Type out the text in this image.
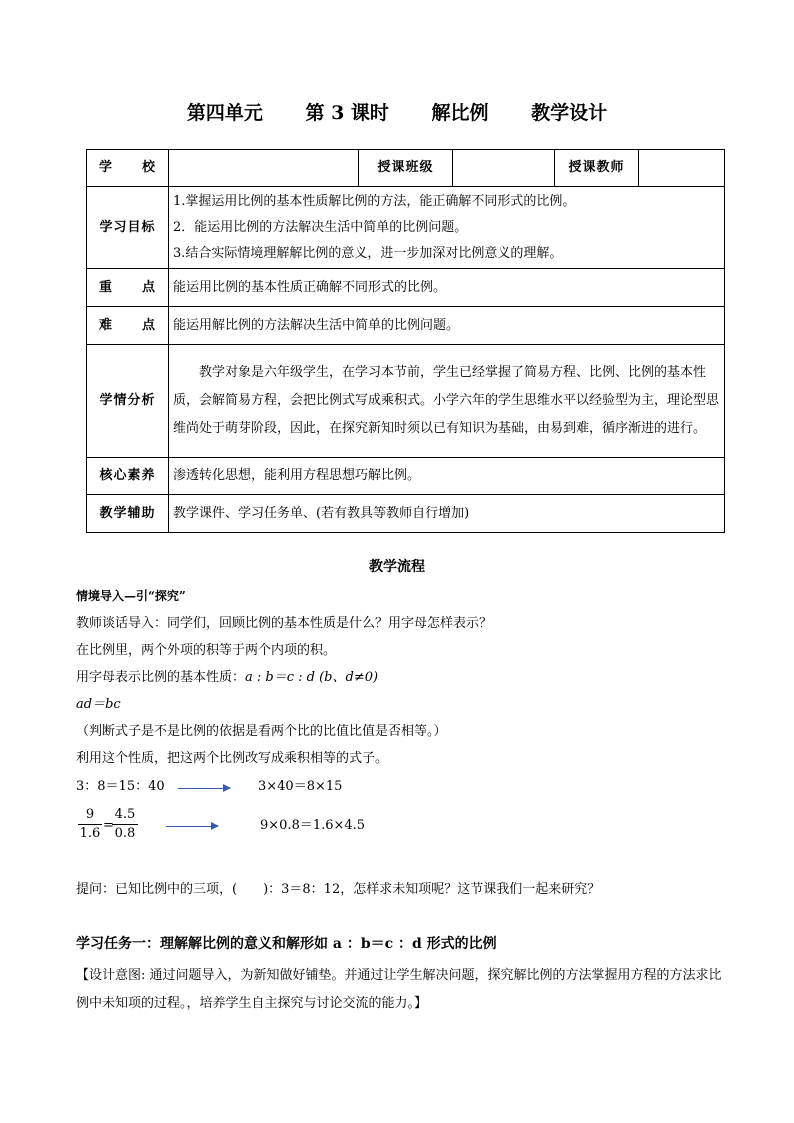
第四单元 第 3 课时 解比例 教学设计
学　　校		授课班级		授课教师	
学习目标	1.掌握运用比例的基本性质解比例的方法，能正确解不同形式的比例。
2．能运用比例的方法解决生活中简单的比例问题。
3.结合实际情境理解解比例的意义，进一步加深对比例意义的理解。				

重　　点	能运用比例的基本性质正确解不同形式的比例。				
难　　点	能运用解比例的方法解决生活中简单的比例问题。				
学情分析	教学对象是六年级学生，在学习本节前，学生已经掌握了简易方程、比例、比例的基本性质，会解简易方程，会把比例式写成乘积式。小学六年的学生思维水平以经验型为主，理论型思维尚处于萌芽阶段，因此，在探究新知时须以已有知识为基础，由易到难，循序渐进的进行。				

核心素养	渗透转化思想，能利用方程思想巧解比例。				
教学辅助	教学课件、学习任务单、(若有教具等教师自行增加)				
教学流程
情境导入—引“探究”
教师谈话导入：同学们，回顾比例的基本性质是什么？用字母怎样表示？
在比例里，两个外项的积等于两个内项的积。
用字母表示比例的基本性质：a : b＝c : d (b、d≠0)
ad＝bc
（判断式子是不是比例的依据是看两个比的比值比值是否相等。）
利用这个性质，把这两个比例改写成乘积相等的式子。
3：8＝15：40	3×40＝8×15
$\frac{9}{1.6}$ =
$\frac{4.5}{0.8}$	9×0.8＝1.6×4.5
提问：已知比例中的三项，(　　)：3＝8：12，怎样求未知项呢？这节课我们一起来研究？
学习任务一：理解解比例的意义和解形如 a ：b＝c ：d 形式的比例
【设计意图: 通过问题导入，为新知做好铺垫。并通过让学生解决问题，探究解比例的方法掌握用方程的方法求比例中未知项的过程。，培养学生自主探究与讨论交流的能力。】
